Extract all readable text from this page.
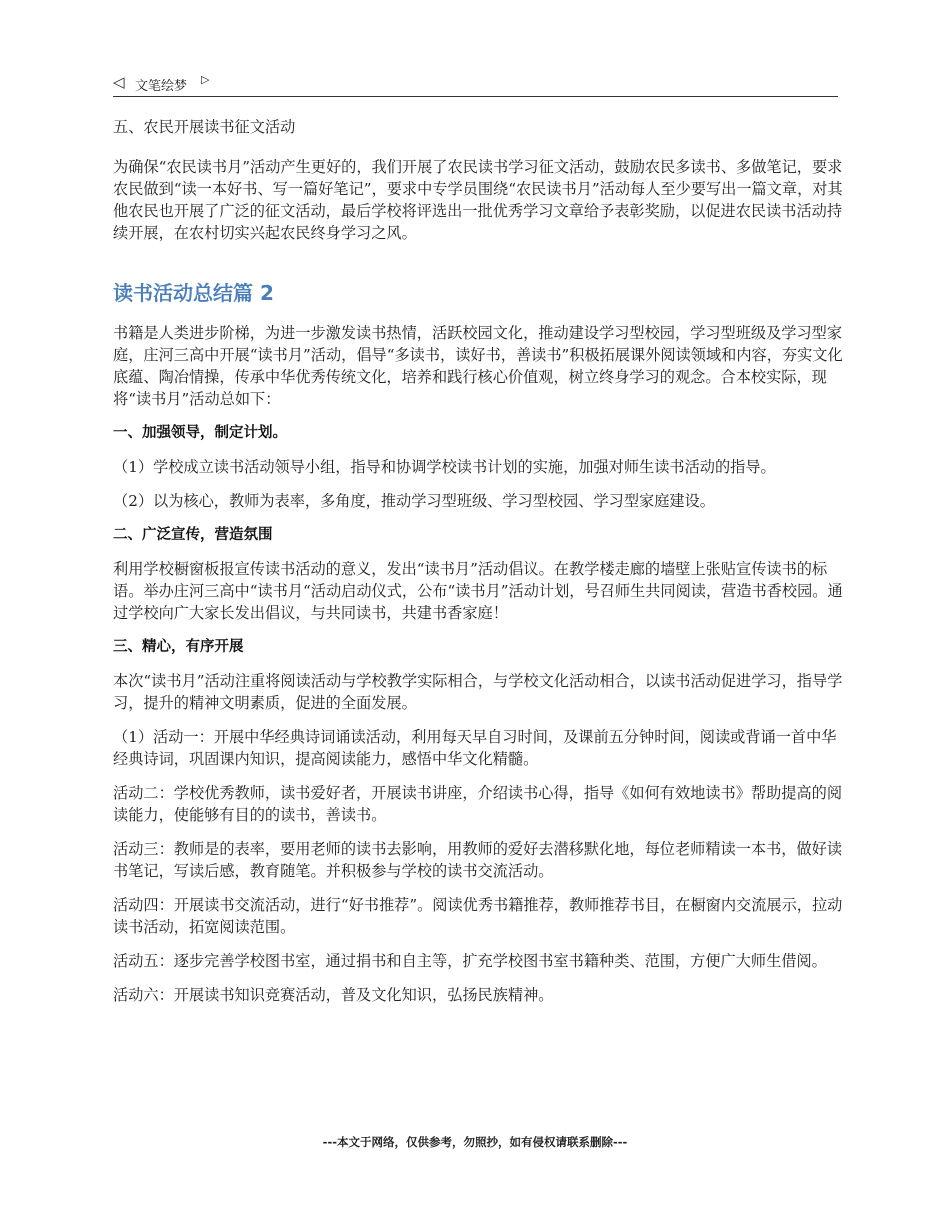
◁ 文笔绘梦 ▷

五、农民开展读书征文活动

为确保“农民读书月”活动产生更好的，我们开展了农民读书学习征文活动，鼓励农民多读书、多做笔记，要求农民做到“读一本好书、写一篇好笔记”，要求中专学员围绕“农民读书月”活动每人至少要写出一篇文章，对其他农民也开展了广泛的征文活动，最后学校将评选出一批优秀学习文章给予表彰奖励，以促进农民读书活动持续开展，在农村切实兴起农民终身学习之风。

读书活动总结篇 2

书籍是人类进步阶梯，为进一步激发读书热情，活跃校园文化，推动建设学习型校园，学习型班级及学习型家庭，庄河三高中开展“读书月”活动，倡导“多读书，读好书，善读书”积极拓展课外阅读领域和内容，夯实文化底蕴、陶冶情操，传承中华优秀传统文化，培养和践行核心价值观，树立终身学习的观念。合本校实际，现将“读书月”活动总如下：

一、加强领导，制定计划。

（1）学校成立读书活动领导小组，指导和协调学校读书计划的实施，加强对师生读书活动的指导。

（2）以为核心，教师为表率，多角度，推动学习型班级、学习型校园、学习型家庭建设。

二、广泛宣传，营造氛围

利用学校橱窗板报宣传读书活动的意义，发出“读书月”活动倡议。在教学楼走廊的墙壁上张贴宣传读书的标语。举办庄河三高中“读书月“活动启动仪式，公布“读书月”活动计划，号召师生共同阅读，营造书香校园。通过学校向广大家长发出倡议，与共同读书，共建书香家庭！

三、精心，有序开展

本次“读书月”活动注重将阅读活动与学校教学实际相合，与学校文化活动相合，以读书活动促进学习，指导学习，提升的精神文明素质，促进的全面发展。

（1）活动一：开展中华经典诗词诵读活动，利用每天早自习时间，及课前五分钟时间，阅读或背诵一首中华经典诗词，巩固课内知识，提高阅读能力，感悟中华文化精髓。

活动二：学校优秀教师，读书爱好者，开展读书讲座，介绍读书心得，指导《如何有效地读书》帮助提高的阅读能力，使能够有目的的读书，善读书。

活动三：教师是的表率，要用老师的读书去影响，用教师的爱好去潜移默化地，每位老师精读一本书，做好读书笔记，写读后感，教育随笔。并积极参与学校的读书交流活动。

活动四：开展读书交流活动，进行“好书推荐”。阅读优秀书籍推荐，教师推荐书目，在橱窗内交流展示，拉动读书活动，拓宽阅读范围。

活动五：逐步完善学校图书室，通过捐书和自主等，扩充学校图书室书籍种类、范围，方便广大师生借阅。

活动六：开展读书知识竞赛活动，普及文化知识，弘扬民族精神。

---本文于网络，仅供参考，勿照抄，如有侵权请联系删除---
